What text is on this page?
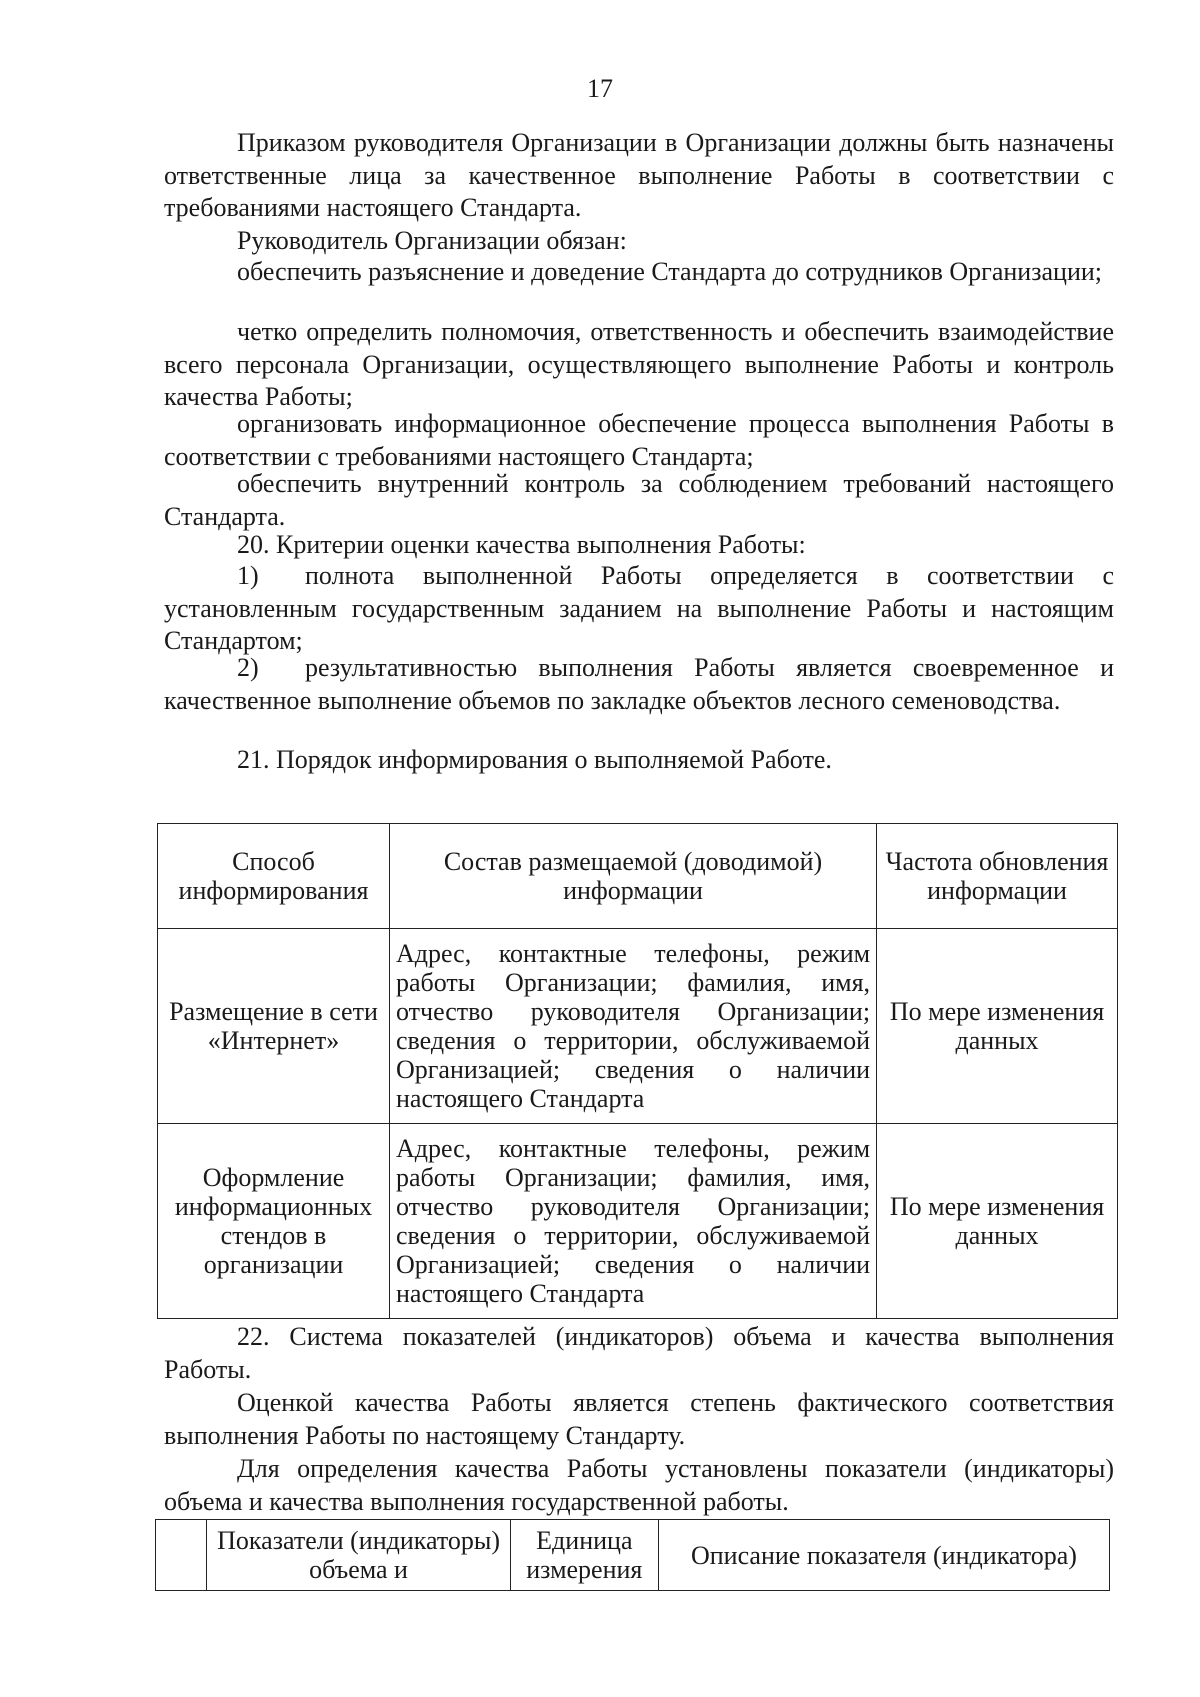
17

Приказом руководителя Организации в Организации должны быть назначены ответственные лица за качественное выполнение Работы в соответствии с требованиями настоящего Стандарта.

Руководитель Организации обязан:

обеспечить разъяснение и доведение Стандарта до сотрудников Организации;

четко определить полномочия, ответственность и обеспечить взаимодействие всего персонала Организации, осуществляющего выполнение Работы и контроль качества Работы;

организовать информационное обеспечение процесса выполнения Работы в соответствии с требованиями настоящего Стандарта;

обеспечить внутренний контроль за соблюдением требований настоящего Стандарта.

20. Критерии оценки качества выполнения Работы:

1) полнота выполненной Работы определяется в соответствии с установленным государственным заданием на выполнение Работы и настоящим Стандартом;

2) результативностью выполнения Работы является своевременное и качественное выполнение объемов по закладке объектов лесного семеноводства.

21. Порядок информирования о выполняемой Работе.

Способ информирования	Состав размещаемой (доводимой) информации	Частота обновления информации
Размещение в сети «Интернет»	Адрес, контактные телефоны, режим работы Организации; фамилия, имя, отчество руководителя Организации; сведения о территории, обслуживаемой Организацией; сведения о наличии настоящего Стандарта	По мере изменения данных
Оформление информационных стендов в организации	Адрес, контактные телефоны, режим работы Организации; фамилия, имя, отчество руководителя Организации; сведения о территории, обслуживаемой Организацией; сведения о наличии настоящего Стандарта	По мере изменения данных

22. Система показателей (индикаторов) объема и качества выполнения Работы.

Оценкой качества Работы является степень фактического соответствия выполнения Работы по настоящему Стандарту.

Для определения качества Работы установлены показатели (индикаторы) объема и качества выполнения государственной работы.

	Показатели (индикаторы) объема и	Единица измерения	Описание показателя (индикатора)
